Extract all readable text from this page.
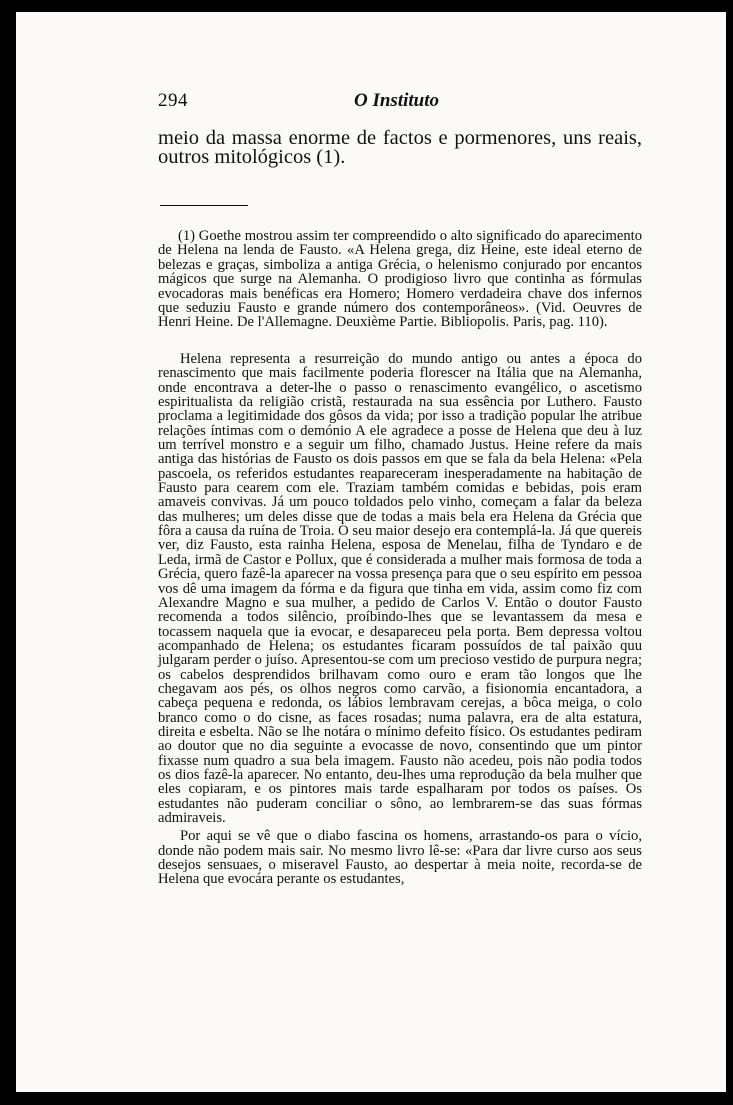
294	O Instituto

meio da massa enorme de factos e pormenores, uns reais, outros mitológicos (1).

(1) Goethe mostrou assim ter compreendido o alto significado do aparecimento de Helena na lenda de Fausto. «A Helena grega, diz Heine, este ideal eterno de belezas e graças, simboliza a antiga Grécia, o helenismo conjurado por encantos mágicos que surge na Alemanha. O prodigioso livro que continha as fórmulas evocadoras mais benéficas era Homero; Homero verdadeira chave dos infernos que seduziu Fausto e grande número dos contemporâneos». (Vid. Oeuvres de Henri Heine. De l'Allemagne. Deuxième Partie. Bibliopolis. Paris, pag. 110).

Helena representa a resurreição do mundo antigo ou antes a época do renascimento que mais facilmente poderia florescer na Itália que na Alemanha, onde encontrava a deter-lhe o passo o renascimento evangélico, o ascetismo espiritualista da religião cristã, restaurada na sua essência por Luthero. Fausto proclama a legitimidade dos gôsos da vida; por isso a tradição popular lhe atribue relações íntimas com o demónio A ele agradece a posse de Helena que deu à luz um terrível monstro e a seguir um filho, chamado Justus. Heine refere da mais antiga das histórias de Fausto os dois passos em que se fala da bela Helena: «Pela pascoela, os referidos estudantes reapareceram inesperadamente na habitação de Fausto para cearem com ele. Traziam também comidas e bebidas, pois eram amaveis convivas. Já um pouco toldados pelo vinho, começam a falar da beleza das mulheres; um deles disse que de todas a mais bela era Helena da Grécia que fôra a causa da ruína de Troia. O seu maior desejo era contemplá-la. Já que quereis ver, diz Fausto, esta rainha Helena, esposa de Menelau, filha de Tyndaro e de Leda, irmã de Castor e Pollux, que é considerada a mulher mais formosa de toda a Grécia, quero fazê-la aparecer na vossa presença para que o seu espírito em pessoa vos dê uma imagem da fórma e da figura que tinha em vida, assim como fiz com Alexandre Magno e sua mulher, a pedido de Carlos V. Então o doutor Fausto recomenda a todos silêncio, proíbindo-lhes que se levantassem da mesa e tocassem naquela que ia evocar, e desapareceu pela porta. Bem depressa voltou acompanhado de Helena; os estudantes ficaram possuídos de tal paixão quu julgaram perder o juíso. Apresentou-se com um precioso vestido de purpura negra; os cabelos desprendidos brilhavam como ouro e eram tão longos que lhe chegavam aos pés, os olhos negros como carvão, a fisionomia encantadora, a cabeça pequena e redonda, os lábios lembravam cerejas, a bôca meiga, o colo branco como o do cisne, as faces rosadas; numa palavra, era de alta estatura, direita e esbelta. Não se lhe notára o mínimo defeito físico. Os estudantes pediram ao doutor que no dia seguinte a evocasse de novo, consentindo que um pintor fixasse num quadro a sua bela imagem. Fausto não acedeu, pois não podia todos os dios fazê-la aparecer. No entanto, deu-lhes uma reprodução da bela mulher que eles copiaram, e os pintores mais tarde espalharam por todos os países. Os estudantes não puderam conciliar o sôno, ao lembrarem-se das suas fórmas admiraveis.

Por aqui se vê que o diabo fascina os homens, arrastando-os para o vício, donde não podem mais sair. No mesmo livro lê-se: «Para dar livre curso aos seus desejos sensuaes, o miseravel Fausto, ao despertar à meia noite, recorda-se de Helena que evocára perante os estudantes,
